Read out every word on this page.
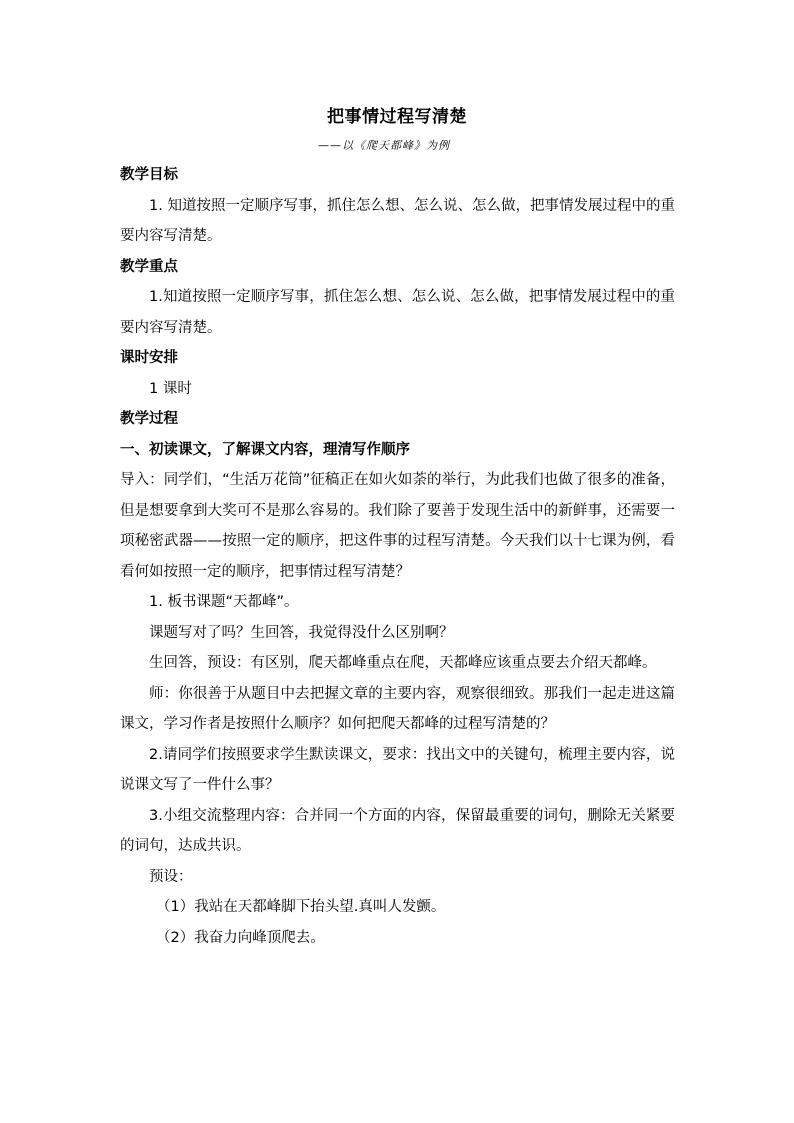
把事情过程写清楚
——以《爬天都峰》为例

教学目标

1. 知道按照一定顺序写事，抓住怎么想、怎么说、怎么做，把事情发展过程中的重要内容写清楚。

教学重点

1.知道按照一定顺序写事，抓住怎么想、怎么说、怎么做，把事情发展过程中的重要内容写清楚。

课时安排

1 课时

教学过程

一、初读课文，了解课文内容，理清写作顺序

导入：同学们，“生活万花筒”征稿正在如火如荼的举行，为此我们也做了很多的准备，但是想要拿到大奖可不是那么容易的。我们除了要善于发现生活中的新鲜事，还需要一项秘密武器——按照一定的顺序，把这件事的过程写清楚。今天我们以十七课为例，看看何如按照一定的顺序，把事情过程写清楚？

1. 板书课题“天都峰”。

课题写对了吗？生回答，我觉得没什么区别啊？

生回答，预设：有区别，爬天都峰重点在爬，天都峰应该重点要去介绍天都峰。

师：你很善于从题目中去把握文章的主要内容，观察很细致。那我们一起走进这篇课文，学习作者是按照什么顺序？如何把爬天都峰的过程写清楚的？

2.请同学们按照要求学生默读课文，要求：找出文中的关键句，梳理主要内容，说说课文写了一件什么事？

3.小组交流整理内容：合并同一个方面的内容，保留最重要的词句，删除无关紧要的词句，达成共识。

预设：

（1）我站在天都峰脚下抬头望.真叫人发颤。

（2）我奋力向峰顶爬去。
